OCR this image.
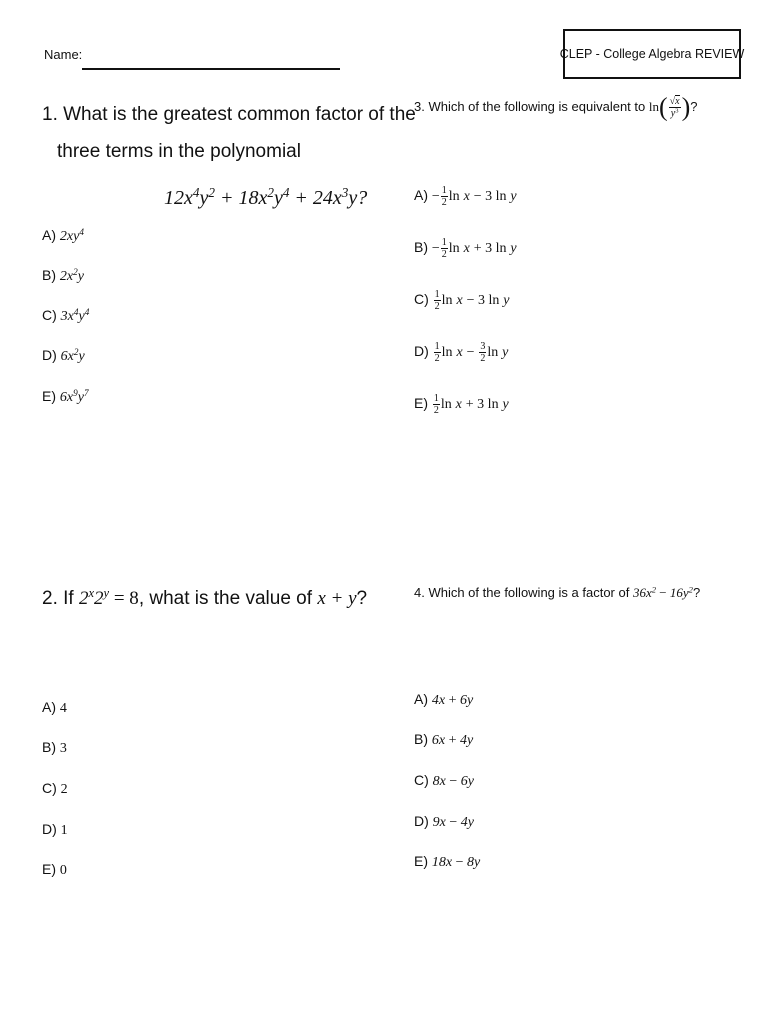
Name:	CLEP - College Algebra REVIEW
1. What is the greatest common factor of the
three terms in the polynomial
$12x^4y^2 + 18x^2y^4 + 24x^3y$?
A) $2xy^4$
B) $2x^2y$
C) $3x^4y^4$
D) $6x^2y$
E) $6x^9y^7$
2. If $2^x2^y = 8$, what is the value of x + y?
A) 4
B) 3
C) 2
D) 1
E) 0
3. Which of the following is equivalent to $\ln( \frac{√x}{y^3}$ )?
$A) - \frac{1}{2}$ ln x − 3 ln y
$B) - \frac{1}{2}$ ln x + 3 ln y
$C) \frac{1}{2}$ ln x − 3 ln y
$D) \frac{1}{2}$ $\ln x - \frac{3}{2}$ ln y
$E) \frac{1}{2}$ ln x + 3 ln y
4. Which of the following is a factor of $36x^2 - 16y^2$?
A) 4x + 6y
B) 6x + 4y
C) 8x − 6y
D) 9x − 4y
E) 18x − 8y
